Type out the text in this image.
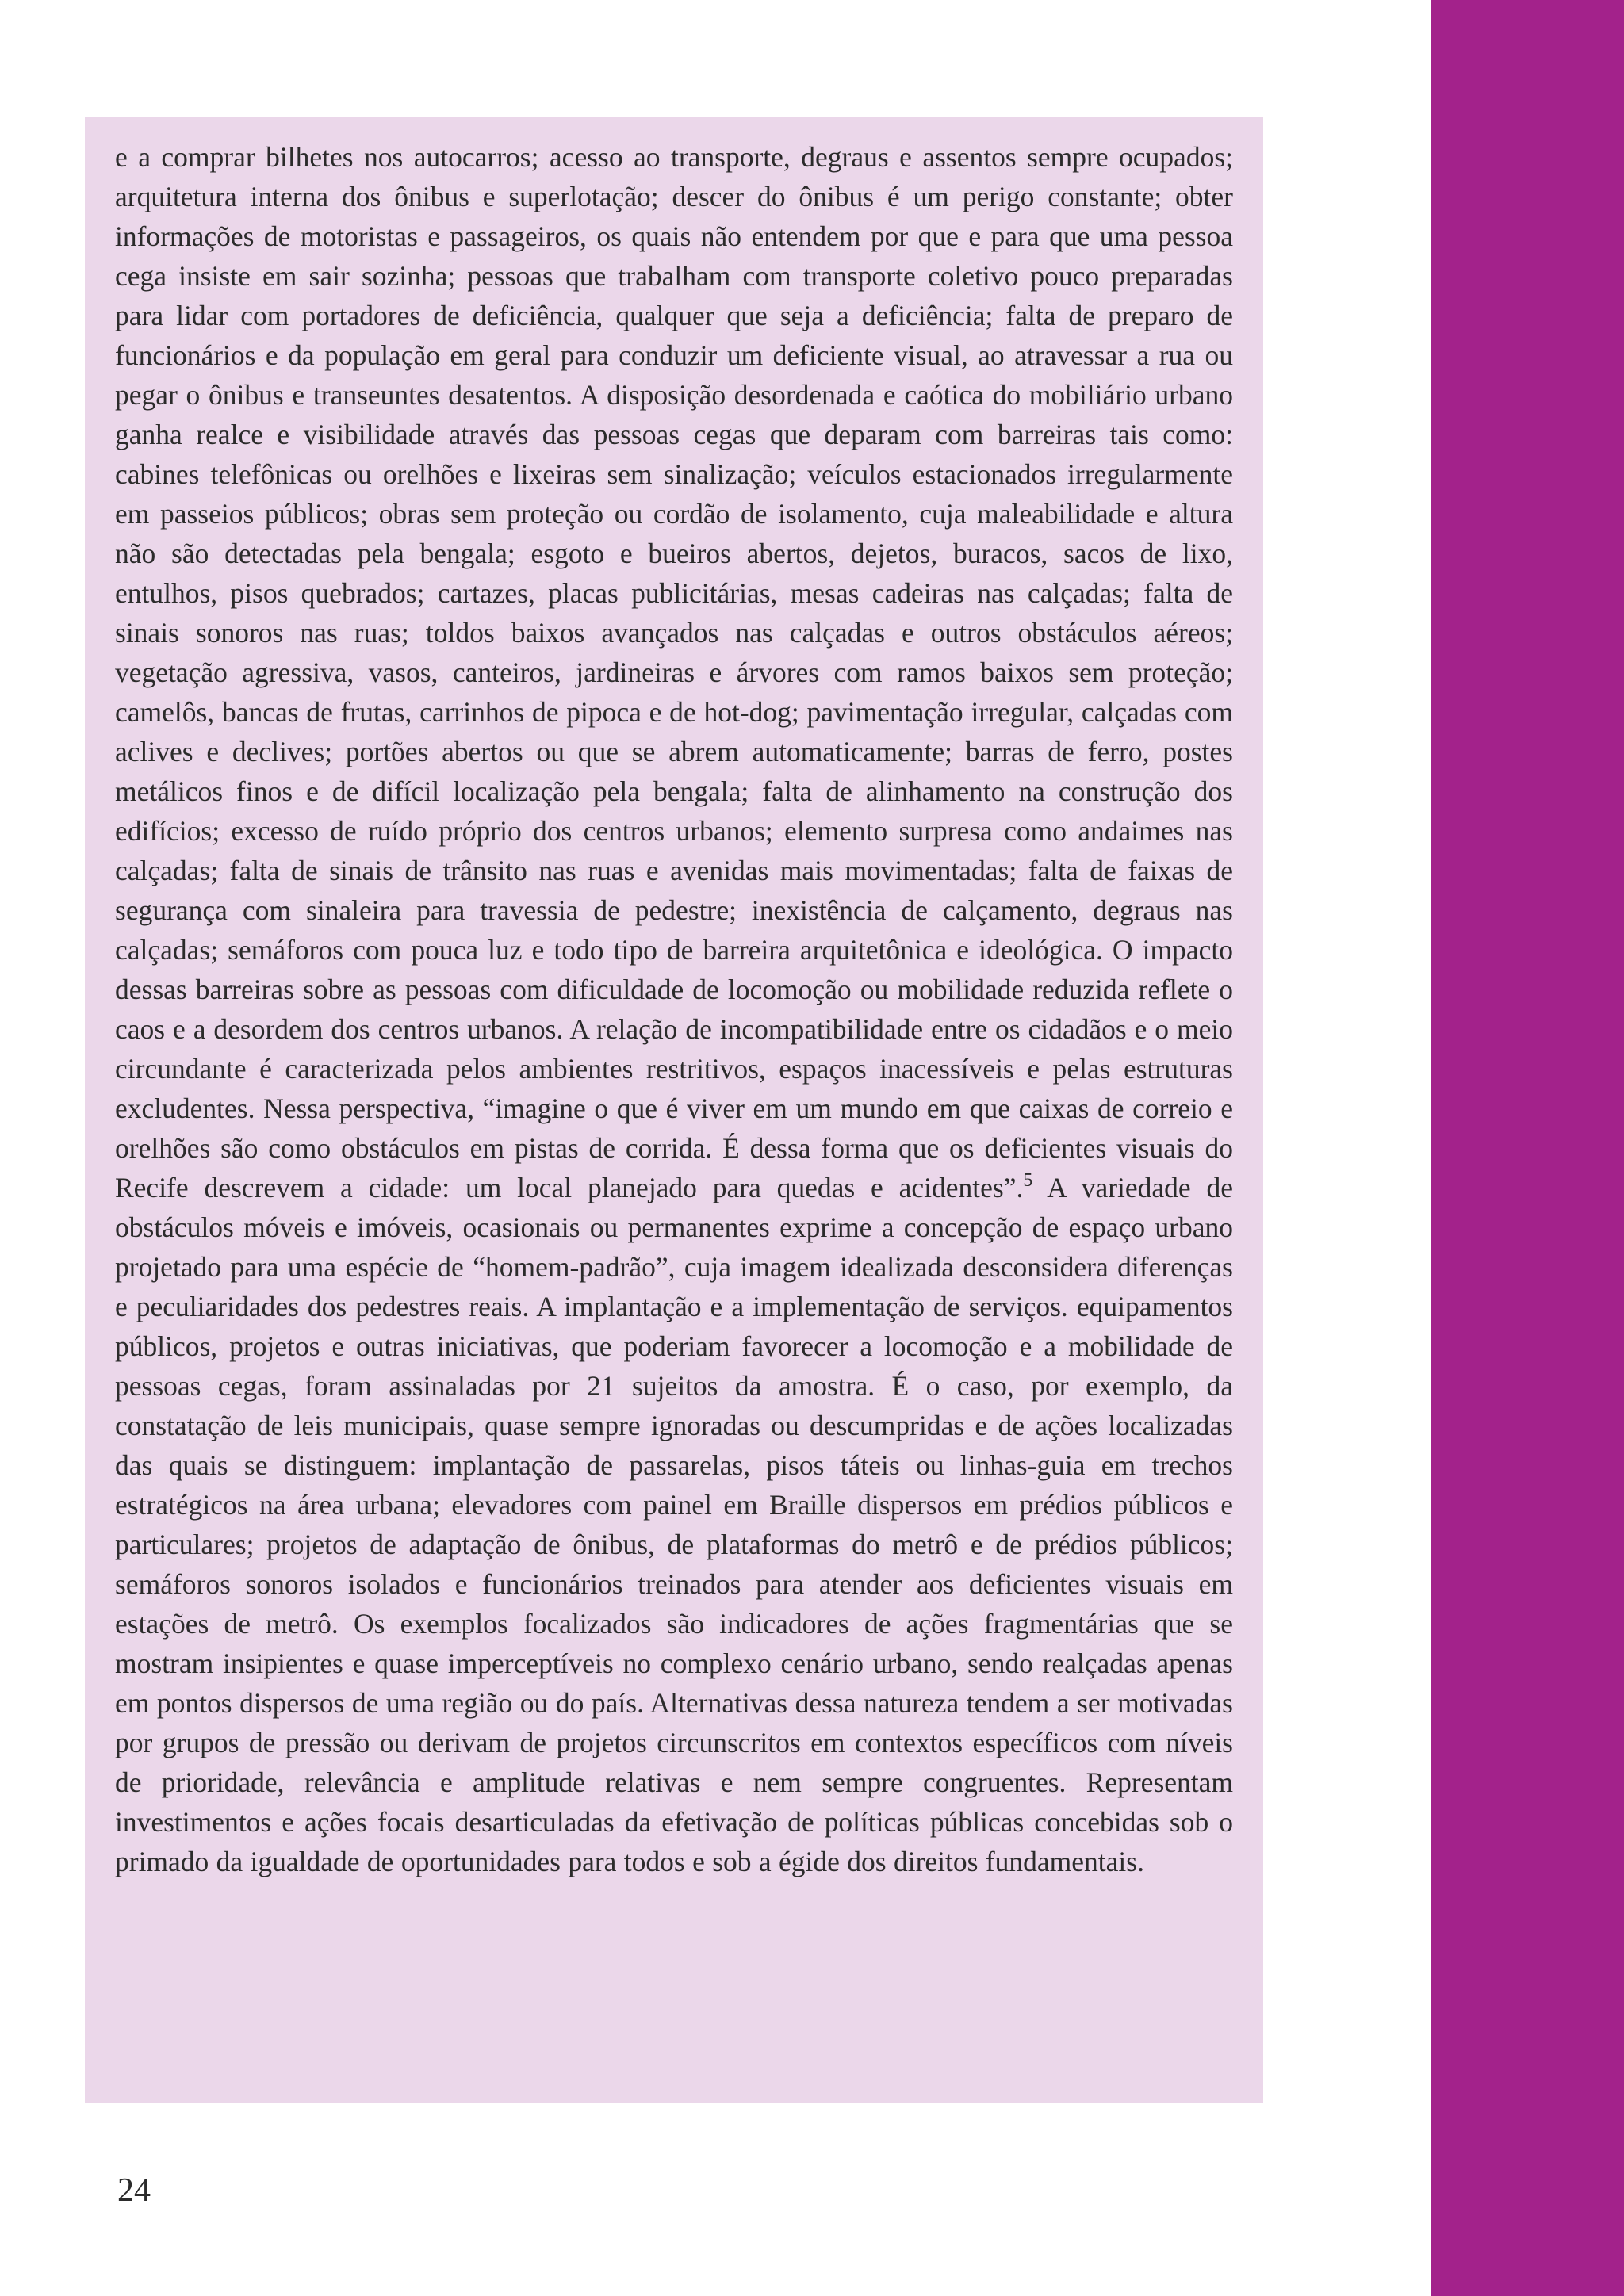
e a comprar bilhetes nos autocarros; acesso ao transporte, degraus e assentos sempre ocupados; arquitetura interna dos ônibus e superlotação; descer do ônibus é um perigo constante; obter informações de motoristas e passageiros, os quais não entendem por que e para que uma pessoa cega insiste em sair sozinha; pessoas que trabalham com transporte coletivo pouco preparadas para lidar com portadores de deficiência, qualquer que seja a deficiência; falta de preparo de funcionários e da população em geral para conduzir um deficiente visual, ao atravessar a rua ou pegar o ônibus e transeuntes desatentos. A disposição desordenada e caótica do mobiliário urbano ganha realce e visibilidade através das pessoas cegas que deparam com barreiras tais como: cabines telefônicas ou orelhões e lixeiras sem sinalização; veículos estacionados irregularmente em passeios públicos; obras sem proteção ou cordão de isolamento, cuja maleabilidade e altura não são detectadas pela bengala; esgoto e bueiros abertos, dejetos, buracos, sacos de lixo, entulhos, pisos quebrados; cartazes, placas publicitárias, mesas cadeiras nas calçadas; falta de sinais sonoros nas ruas; toldos baixos avançados nas calçadas e outros obstáculos aéreos; vegetação agressiva, vasos, canteiros, jardineiras e árvores com ramos baixos sem proteção; camelôs, bancas de frutas, carrinhos de pipoca e de hot-dog; pavimentação irregular, calçadas com aclives e declives; portões abertos ou que se abrem automaticamente; barras de ferro, postes metálicos finos e de difícil localização pela bengala; falta de alinhamento na construção dos edifícios; excesso de ruído próprio dos centros urbanos; elemento surpresa como andaimes nas calçadas; falta de sinais de trânsito nas ruas e avenidas mais movimentadas; falta de faixas de segurança com sinaleira para travessia de pedestre; inexistência de calçamento, degraus nas calçadas; semáforos com pouca luz e todo tipo de barreira arquitetônica e ideológica. O impacto dessas barreiras sobre as pessoas com dificuldade de locomoção ou mobilidade reduzida reflete o caos e a desordem dos centros urbanos. A relação de incompatibilidade entre os cidadãos e o meio circundante é caracterizada pelos ambientes restritivos, espaços inacessíveis e pelas estruturas excludentes. Nessa perspectiva, “imagine o que é viver em um mundo em que caixas de correio e orelhões são como obstáculos em pistas de corrida. É dessa forma que os deficientes visuais do Recife descrevem a cidade: um local planejado para quedas e acidentes”.$^5$ A variedade de obstáculos móveis e imóveis, ocasionais ou permanentes exprime a concepção de espaço urbano projetado para uma espécie de “homem-padrão”, cuja imagem idealizada desconsidera diferenças e peculiaridades dos pedestres reais. A implantação e a implementação de serviços. equipamentos públicos, projetos e outras iniciativas, que poderiam favorecer a locomoção e a mobilidade de pessoas cegas, foram assinaladas por 21 sujeitos da amostra. É o caso, por exemplo, da constatação de leis municipais, quase sempre ignoradas ou descumpridas e de ações localizadas das quais se distinguem: implantação de passarelas, pisos táteis ou linhas-guia em trechos estratégicos na área urbana; elevadores com painel em Braille dispersos em prédios públicos e particulares; projetos de adaptação de ônibus, de plataformas do metrô e de prédios públicos; semáforos sonoros isolados e funcionários treinados para atender aos deficientes visuais em estações de metrô. Os exemplos focalizados são indicadores de ações fragmentárias que se mostram insipientes e quase imperceptíveis no complexo cenário urbano, sendo realçadas apenas em pontos dispersos de uma região ou do país. Alternativas dessa natureza tendem a ser motivadas por grupos de pressão ou derivam de projetos circunscritos em contextos específicos com níveis de prioridade, relevância e amplitude relativas e nem sempre congruentes. Representam investimentos e ações focais desarticuladas da efetivação de políticas públicas concebidas sob o primado da igualdade de oportunidades para todos e sob a égide dos direitos fundamentais.

24
